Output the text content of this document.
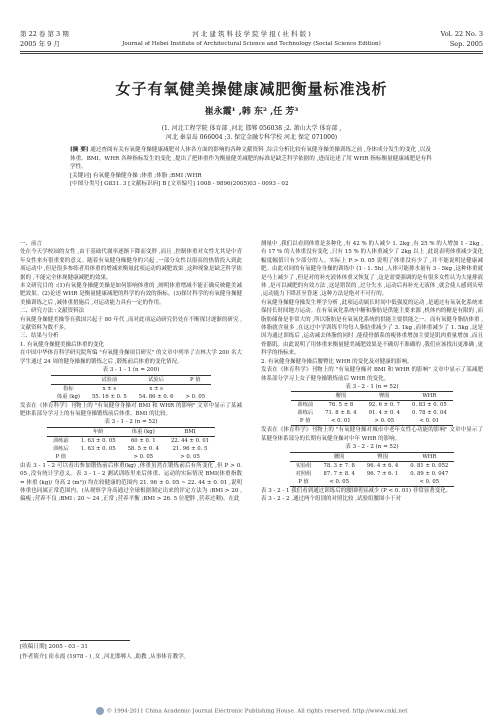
第 22 卷 第 3 期	河 北 建 筑 科 技 学 院 学 报 ( 社 科 版 )	Vol. 22 No. 3
2005 年 9 月	Journal of Hebei Institute of Architectural Science and Technology (Social Science Edition)	Sep. 2005
女子有氧健美操健康减肥衡量标准浅析
崔永霞¹ ,韩 东² ,任 芳³
(1. 河北工程学院 体育部 ,河北 邯郸 056038 ;2. 萧山大学 体育部 ,
河北 秦皇岛 066004 ;3. 保定金融专科学校 河北 保定 071000)
[摘 要] 通过查阅有关有氧健身操健康减肥对人体各方面的影响的各种文献资料 ,综合分析比较有氧健身操美操训练之前 ,身体成分发生的变化 ,以及体重、BMI、WHR 各种指标发生的变化 ,提出了把体重作为衡量健美减肥的标准是缺乏科学依据的 ,进而论述了用 WHR 指标衡量健康减肥是有科学性。
[关键词] 有氧健身操健身操 ;体重 ;体脂 ;BMI ;WHR
[中图分类号] G831. 3 [文献标识码] B [文章编号] 1008 - 9896(2005)03 - 0093 - 02

一、前言

处在今天学校园的女性 ,由于基础代谢率逐渐下降而变胖 ,而且 ,控制体重对女性尤其是中青年女性来有很重要的意义。随着有氧健身操健身的兴起 ,一部分女性以很高的热情投入到此项运动中 ,但是很多参练者用体重的增减来衡量此项运动的减肥效果 ,这种现象是缺乏科学依据的 ,不能完全体现健康减肥的效果。

本文研究目的 :(1)有氧健身操健美操是如何影响体重的 ,阐明体重增减不能正确反映健美减肥效果。(2)论述 WHR 是衡量健康减肥的科学的有效的指标。(3)探讨科学的有氧健身操健美操训练之后 ,减体重措施后 ,对运动能力具有一定的作用。

二、研究方法 :文献资料法

有氧健身操健美操等在我国兴起于 80 年代 ,而对此项运动研究仍处在不断探讨逐渐的研究 ,文献资料为数不多。

三、结果与分析

1. 有氧健身操健美操后体重的变化

在中国中华体育科学研究院所编 "有氧健身操项目研究" 的文章中列举了吉林大学 200 名大学生通过 24 周的健身操操的锻炼之后 ,锻炼前后体重的变化情况。

表 3 - 1 - 1 (n = 200)

	试验前	试验后	P 值
指标	x ± s	x ± s	
体重 (kg)	55. 16 ± 0. 5	54. 86 ± 0. 6	> 0. 05

发表在《体育科学》刊物上的 "有氧健身身操对 BMI 和 WHR 的影响" 文章中显示了某减肥体系部分学习上的有氧健身操锻炼前后体重、BMI 的比较。

表 3 - 1 - 2 (n = 52)

	年龄	体重 (kg)	BMI
训练前	1. 63 ± 0. 05	60 ± 0. 1	22. 44 ± 0. 01
训练后	1. 63 ± 0. 05	58. 5 ± 0. 4	21. 96 ± 0. 5
P 值		> 0. 05	> 0. 05

由表 3 - 1 - 2 可以看出参加锻炼前后体重(kg) ,体重虽然在锻炼前后有所变化 ,但 P > 0. 05 ,没有统计学意义。表 3 - 1 - 2 测试训练里来后体重、运动的实际情况 BMI(体重指数 = 体重 (kg)/ 身高 2 (m²)) 均在较健康的范围内 21. 96 ± 0. 05 ~ 22. 44 ± 0. 01 ,说明体重也同属正常范围内。(从观察学身高通过全球根据制定出来的评定方法为 :BMI > 20 ,偏瘦 ;营养不良 ;BMI : 20 ~ 24 ,正常 ;营养平衡 ;BMI > 26. 5 位肥胖 ,营养过剩)。在此

测量中 ,我们以看到体重是多种化 ,有 42 % 的人减少 1. 2kg ,有 25 % 的人增加 1 - 2kg ,有 17 % 的人体重没有变化 ,只有 15 % 的人体重减少了 2kg 以上 ,此说表明体重减少变化幅度幅值只有少部分的人。实际上 P > 0. 05 说明了体重没有少了 ,并不能说明是健康减肥。由此对同的有氧健身身操的训练中 (1 - 1. 5h) ,人体可能排水量有 3 - 5kg ,这种体重就是马上减少了 ,但是对的补充液体体重又恢复了 ,这是需要强调的是有很多女性认为大量排液体 ,是可以减肥的有效方法 ,这是错误的 ,过分失水 ,运动后再补充无液体 ,就会使人感到头晕 ,运动能力下降甚至昏迷 ,这种方法是绝对不可行的。

有氧健身操健身操发生理学分析 ,此项运动属长时间中低强度的运动 ,是通过有氧氧化系统来保持长时间地方运动。在有氧氧化系统中糖和脂肪是供能主要来源 ,机体内的糖是有限的 ,而脂肪储备是非常大的 ,所以脂肪是有氧氧化系统的供能主要供能之一。而有氧健身脂肪体重 ,体脂就含量多 ,在这过中学训练平均每人脂肪重减少了 3. 1kg ,而体重减少了 1. 5kg ,这是因为通过训练后 ,运动减去体脂的同时 ,能使骨骼系的瘦体重增加主要是肌肉重量增加 ,而且骨骼肌。由此说明了用体重来衡量健美减肥效果是不确切不准确的 ,我们应该找出更准确 ,更科学的指标来。

2. 有氧健身操健身操后腰臀比 WHR 的变化及对健康的影响。

发表在《体育科学》刊物上的 "有氧健身操对 BMI 和 WHR 的影响" 文章中显示了某减肥体系部分学习上女子健身操锻炼前后 WHR 的变化。

表 3 - 2 - 1 (n = 52)

	腰围	臀围	WHR
训练前	76. 5 ± 8	92. 6 ± 0. 7	0. 83 ± 0. 05
训练后	71. 8 ± 8. 4	91. 4 ± 0. 4	0. 78 ± 0. 04
P 值	< 0. 01	> 0. 05	< 0. 01

发表在《体育科学》刊物上的 "有氧健身操对城市中老年女性心功能的影响" 文章中显示了某健身体系部分的长期有氧健身操对中年 WHR 的影响。

表 3 - 2 - 2 (n = 52)

	腰围	臀围	WHR
实验组	78. 3 ± 7. 8	96. 4 ± 6. 4	0. 81 ± 0. 052
对照组	87. 7 ± 8. 4	96. 7 ± 6. 1	0. 89 ± 0. 047
P 值	< 0. 05		< 0. 05

表 3 - 2 - 1 我们看到通过训练后的腰围明显减少 (P < 0. 01) 非常显著变化。

表 3 - 2 - 2 ,通过两个组别的对照比较 ,试验组腰围小于对

[收稿日期] 2005 - 03 - 31
[作者简介] 崔永霞 (1978 - ) ,女 ,河北邯郸人 ,助教 ,从事体育教学。
© 1994-2011 China Academic Journal Electronic Publishing House. All rights reserved. http://www.cnki.net
